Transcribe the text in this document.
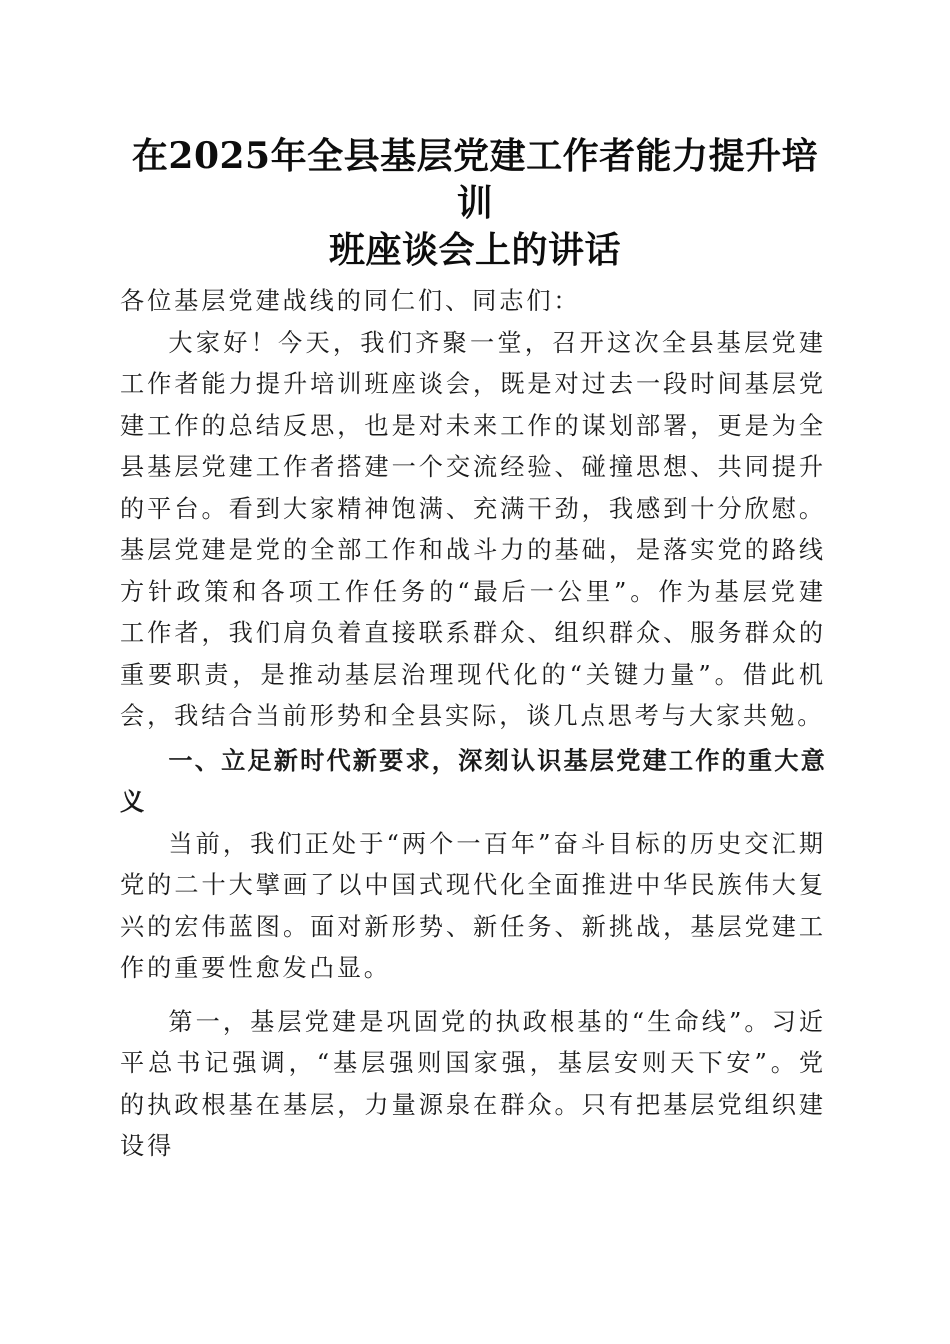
在2025年全县基层党建工作者能力提升培训
班座谈会上的讲话

各位基层党建战线的同仁们、同志们：

大家好！今天，我们齐聚一堂，召开这次全县基层党建工作者能力提升培训班座谈会，既是对过去一段时间基层党建工作的总结反思，也是对未来工作的谋划部署，更是为全县基层党建工作者搭建一个交流经验、碰撞思想、共同提升的平台。看到大家精神饱满、充满干劲，我感到十分欣慰。基层党建是党的全部工作和战斗力的基础，是落实党的路线方针政策和各项工作任务的“最后一公里”。作为基层党建工作者，我们肩负着直接联系群众、组织群众、服务群众的重要职责，是推动基层治理现代化的“关键力量”。借此机会，我结合当前形势和全县实际，谈几点思考与大家共勉。

一、立足新时代新要求，深刻认识基层党建工作的重大意义

当前，我们正处于“两个一百年”奋斗目标的历史交汇期党的二十大擘画了以中国式现代化全面推进中华民族伟大复兴的宏伟蓝图。面对新形势、新任务、新挑战，基层党建工作的重要性愈发凸显。

第一，基层党建是巩固党的执政根基的“生命线”。习近平总书记强调，“基层强则国家强，基层安则天下安”。党的执政根基在基层，力量源泉在群众。只有把基层党组织建设得
